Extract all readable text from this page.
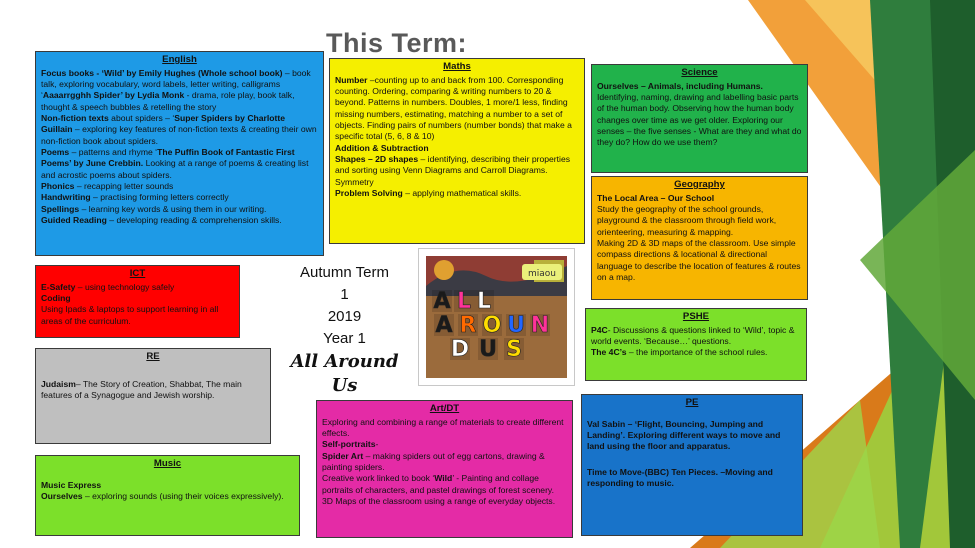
This Term:
English

Focus books - ‘Wild’ by Emily Hughes (Whole school book) – book talk, exploring vocabulary, word labels, letter writing, calligrams ‘Aaaarrgghh Spider’ by Lydia Monk - drama, role play, book talk, thought & speech bubbles & retelling the story

Non-fiction texts about spiders – ‘Super Spiders by Charlotte Guillain – exploring key features of non-fiction texts & creating their own non-fiction book about spiders.

Poems – patterns and rhyme ‘The Puffin Book of Fantastic First Poems’ by June Crebbin. Looking at a range of poems & creating list and acrostic poems about spiders.

Phonics – recapping letter sounds

Handwriting – practising forming letters correctly

Spellings – learning key words & using them in our writing.

Guided Reading – developing reading & comprehension skills.

Maths

Number –counting up to and back from 100. Corresponding counting. Ordering, comparing & writing numbers to 20 & beyond. Patterns in numbers. Doubles, 1 more/1 less, finding missing numbers, estimating, matching a number to a set of objects. Finding pairs of numbers (number bonds) that make a specific total (5, 6, 8 & 10)

Addition & Subtraction

Shapes – 2D shapes – identifying, describing their properties and sorting using Venn Diagrams and Carroll Diagrams.

Symmetry

Problem Solving – applying mathematical skills.

Science

Ourselves – Animals, including Humans. Identifying, naming, drawing and labelling basic parts of the human body. Observing how the human body changes over time as we get older. Exploring our senses – the five senses - What are they and what do they do? How do we use them?

Geography

The Local Area – Our School

Study the geography of the school grounds, playground & the classroom through field work, orienteering, measuring & mapping.

Making 2D & 3D maps of the classroom. Use simple compass directions & locational & directional language to describe the location of features & routes on a map.

ICT

E-Safety – using technology safely

Coding

Using Ipads & laptops to support learning in all areas of the curriculum.

RE

Judaism– The Story of Creation, Shabbat, The main features of a Synagogue and Jewish worship.

Music

Music Express

Ourselves – exploring sounds (using their voices expressively).

Autumn Term
1
2019
Year 1
All Around
Us
miaou
A L L
A R O U N
D U S
PSHE

P4C- Discussions & questions linked to ‘Wild’, topic & world events. ‘Because…’ questions.

The 4C’s – the importance of the school rules.

Art/DT

Exploring and combining a range of materials to create different effects.

Self-portraits-

Spider Art – making spiders out of egg cartons, drawing & painting spiders.

Creative work linked to book ‘Wild’ - Painting and collage portraits of characters, and pastel drawings of forest scenery.

3D Maps of the classroom using a range of everyday objects.

PE

Val Sabin – ‘Flight, Bouncing, Jumping and Landing’. Exploring different ways to move and land using the floor and apparatus.

Time to Move-(BBC) Ten Pieces. –Moving and responding to music.
